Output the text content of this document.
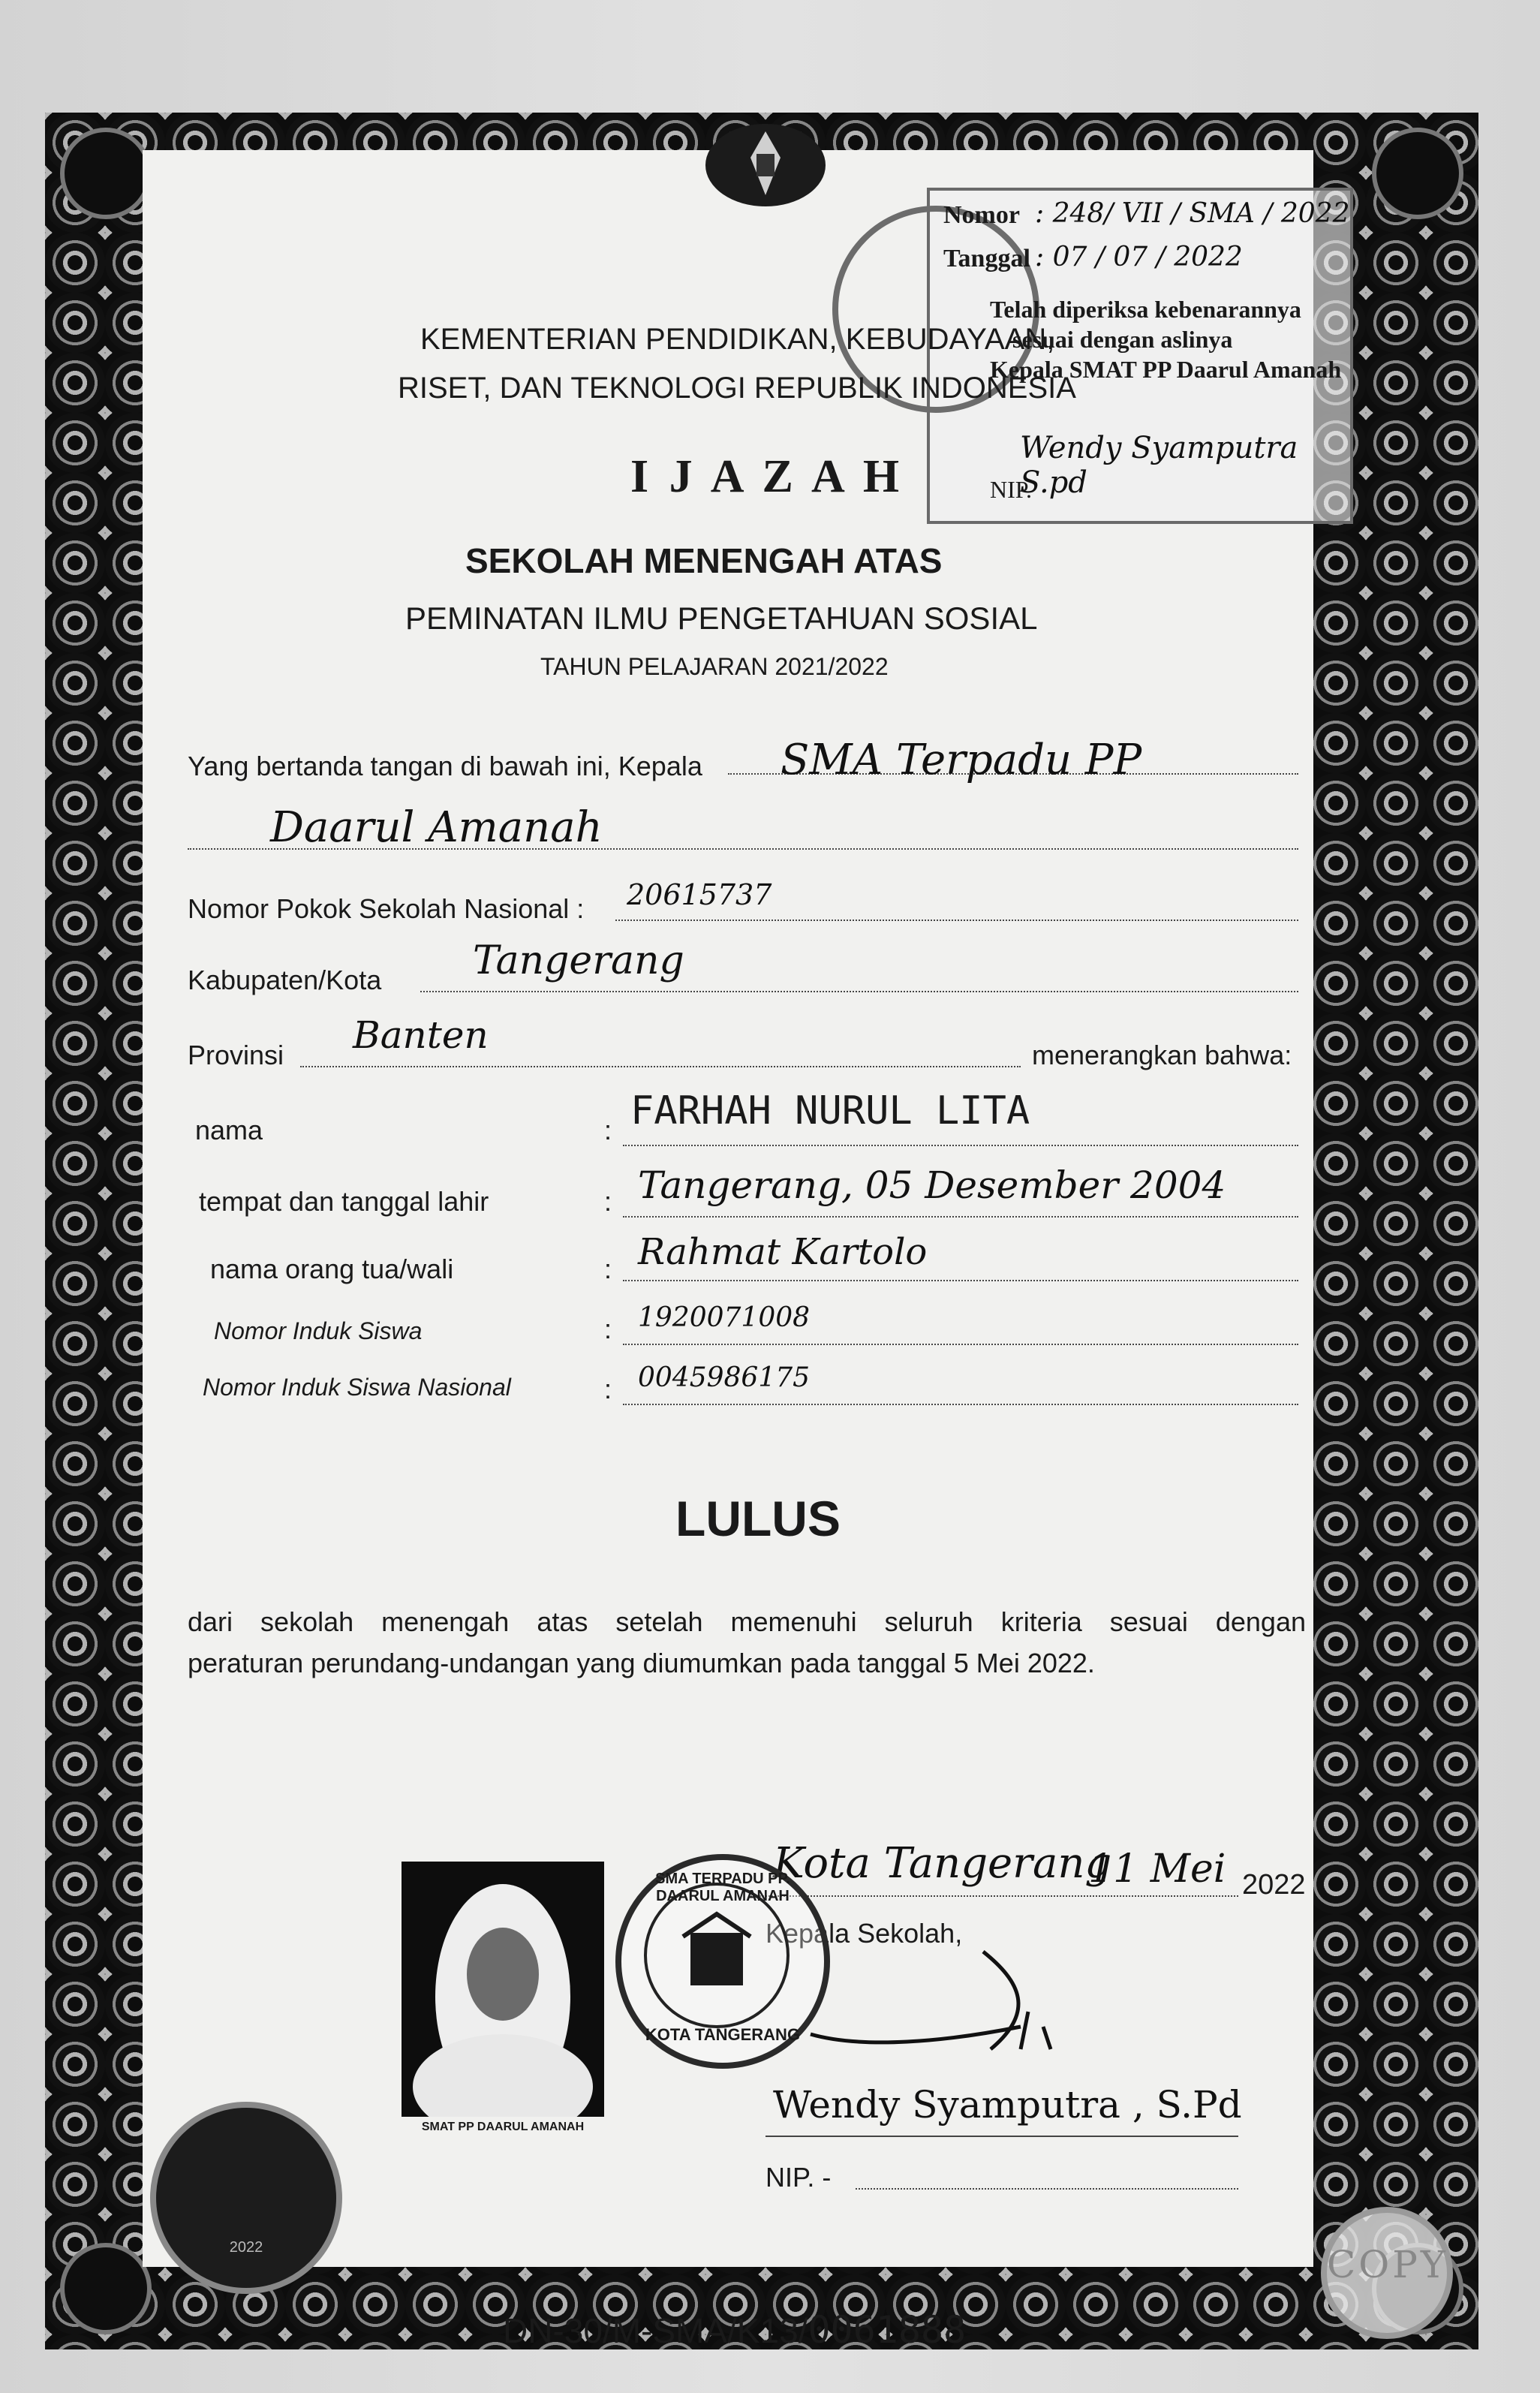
Nomor : 248/ VII / SMA / 2022
Tanggal : 07 / 07 / 2022
Telah diperiksa kebenarannya
sesuai dengan aslinya
Kepala SMAT PP Daarul Amanah
Wendy Syamputra S.pd
NIP.
KEMENTERIAN PENDIDIKAN, KEBUDAYAAN,
RISET, DAN TEKNOLOGI REPUBLIK INDONESIA
I J A Z A H
SEKOLAH MENENGAH ATAS
PEMINATAN ILMU PENGETAHUAN SOSIAL
TAHUN PELAJARAN 2021/2022
Yang bertanda tangan di bawah ini, Kepala SMA Terpadu PP
Daarul Amanah
Nomor Pokok Sekolah Nasional : 20615737
Kabupaten/Kota Tangerang
Provinsi Banten	menerangkan bahwa:
nama	: FARHAH NURUL LITA
tempat dan tanggal lahir	: Tangerang, 05 Desember 2004
nama orang tua/wali	: Rahmat Kartolo
Nomor Induk Siswa	: 1920071008
Nomor Induk Siswa Nasional	: 0045986175
LULUS
dari sekolah menengah atas setelah memenuhi seluruh kriteria sesuai dengan
peraturan perundang-undangan yang diumumkan pada tanggal 5 Mei 2022.
Kota Tangerang
11 Mei 2022
Kepala Sekolah,
Wendy Syamputra , S.Pd
NIP. -
SMA TERPADU PP. DAARUL AMANAH
KOTA TANGERANG
SMAT PP DAARUL AMANAH
2022	COPY
DN-30/M-SMA/K13/0061888
